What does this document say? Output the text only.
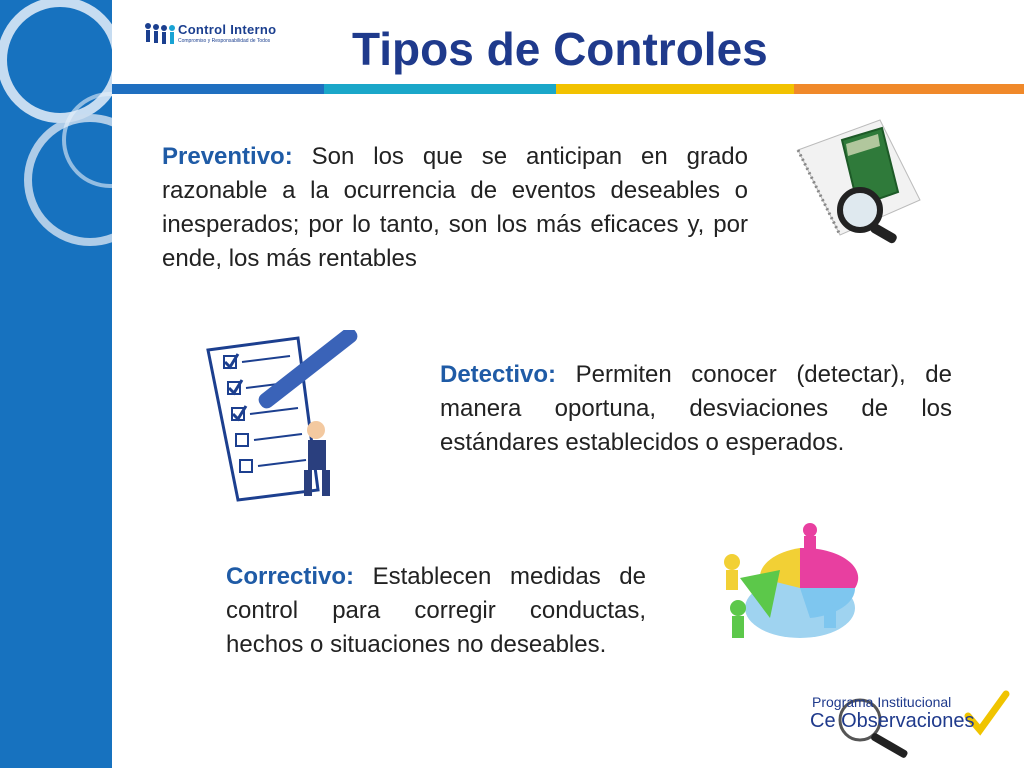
Control Interno
Compromiso y Responsabilidad de Todos Tipos de Controles
Preventivo: Son los que se anticipan en grado razonable a la ocurrencia de eventos deseables o inesperados; por lo tanto, son los más eficaces y, por ende, los más rentables
Detectivo: Permiten conocer (detectar), de manera oportuna, desviaciones de los estándares establecidos o esperados.
Correctivo: Establecen medidas de control para corregir conductas, hechos o situaciones no deseables.
Programa Institucional
Ce Observaciones
